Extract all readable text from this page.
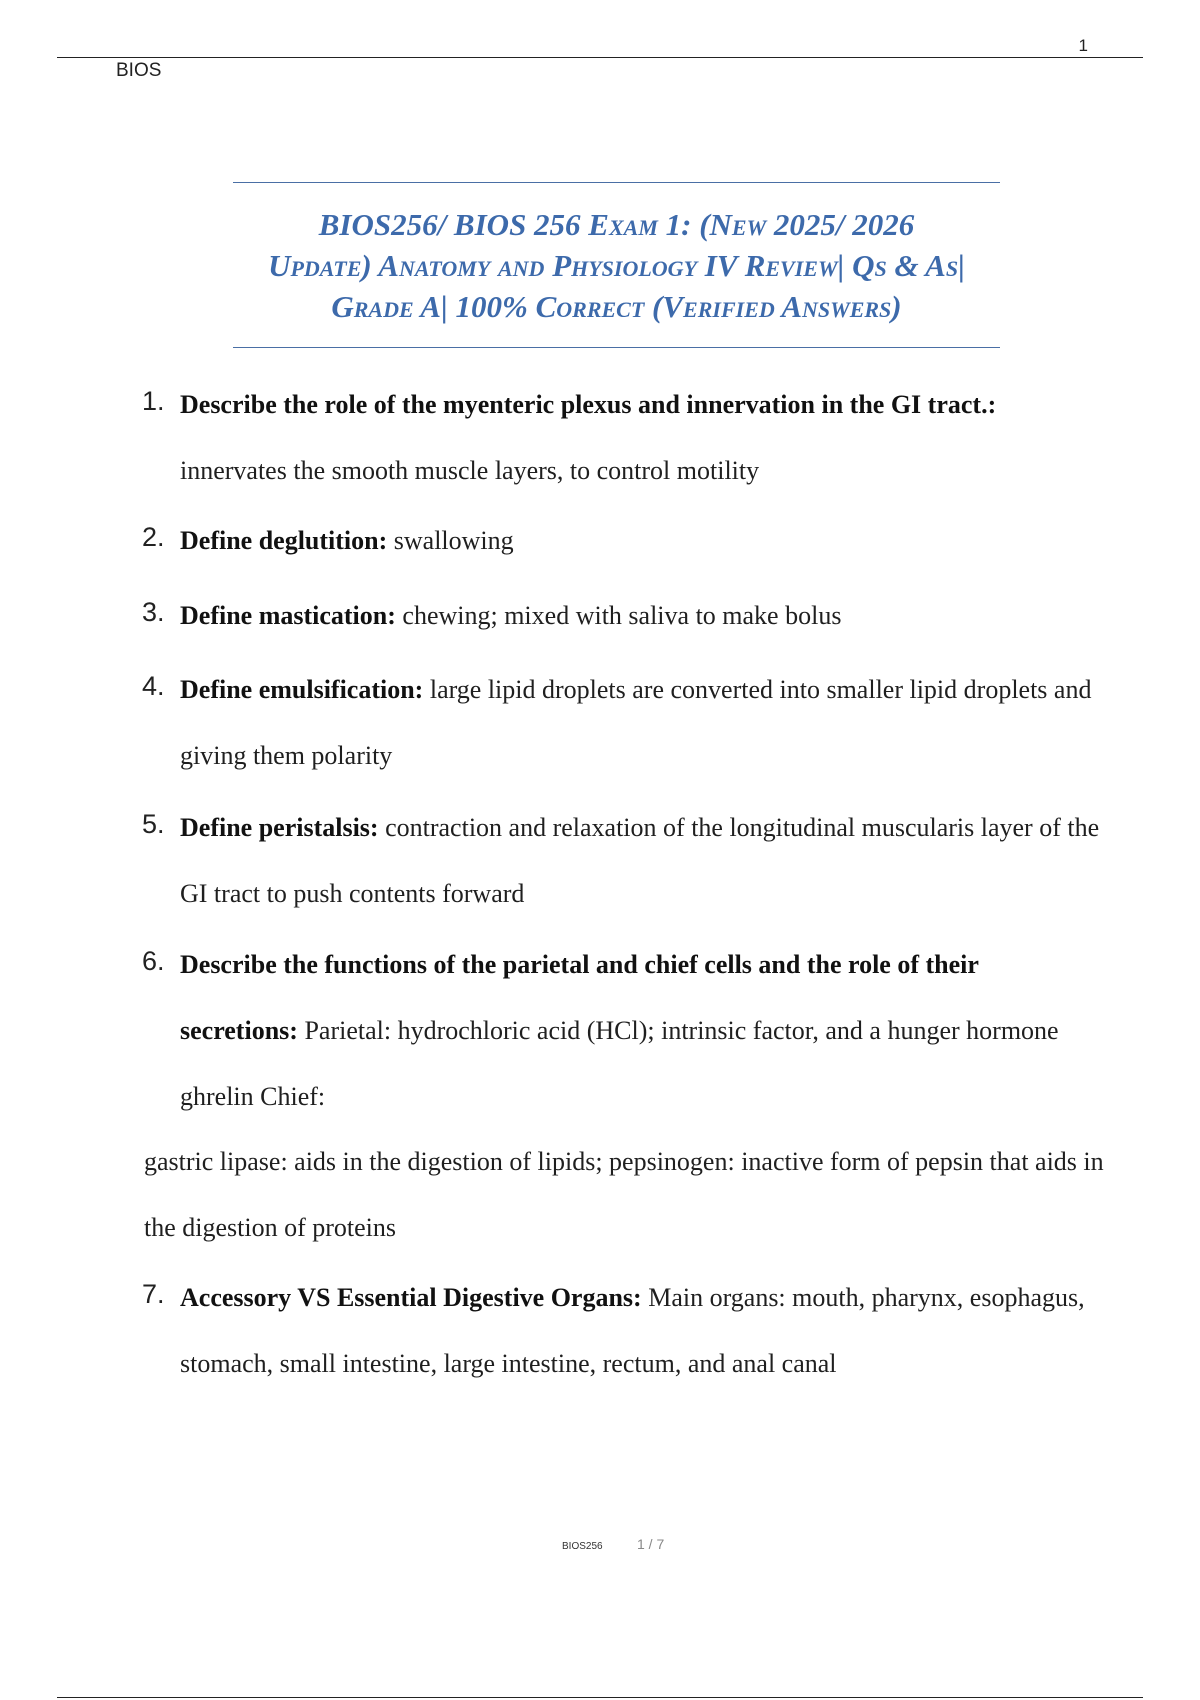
1
BIOS
BIOS256/ BIOS 256 Exam 1: (New 2025/ 2026
Update) Anatomy and Physiology IV Review| Qs & As|
Grade A| 100% Correct (Verified Answers)
1. Describe the role of the myenteric plexus and innervation in the GI tract.: innervates the smooth muscle layers, to control motility
2. Define deglutition: swallowing
3. Define mastication: chewing; mixed with saliva to make bolus
4. Define emulsification: large lipid droplets are converted into smaller lipid droplets and giving them polarity
5. Define peristalsis: contraction and relaxation of the longitudinal muscularis layer of the GI tract to push contents forward
6. Describe the functions of the parietal and chief cells and the role of their secretions: Parietal: hydrochloric acid (HCl); intrinsic factor, and a hunger hormone ghrelin Chief:
gastric lipase: aids in the digestion of lipids; pepsinogen: inactive form of pepsin that aids in the digestion of proteins
7. Accessory VS Essential Digestive Organs: Main organs: mouth, pharynx, esophagus, stomach, small intestine, large intestine, rectum, and anal canal
BIOS256 1 / 7
